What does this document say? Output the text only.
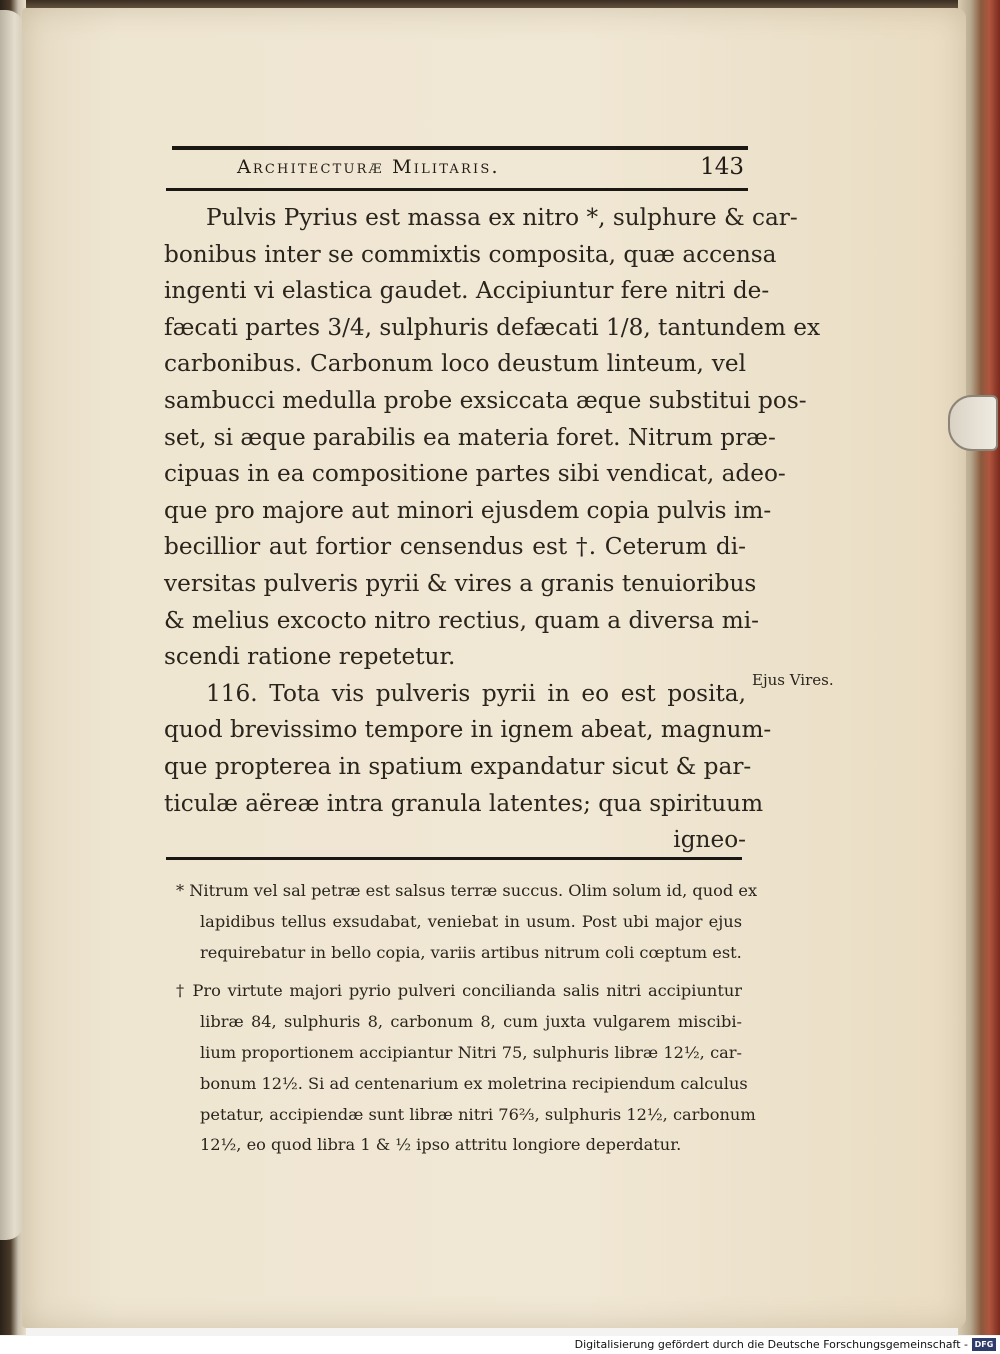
Architecturæ Militaris.	143
Pulvis Pyrius est massa ex nitro *, sulphure & car-
bonibus inter se commixtis composita, quæ accensa
ingenti vi elastica gaudet. Accipiuntur fere nitri de-
fæcati partes 3/4, sulphuris defæcati 1/8, tantundem ex
carbonibus. Carbonum loco deustum linteum, vel
sambucci medulla probe exsiccata æque substitui pos-
set, si æque parabilis ea materia foret. Nitrum præ-
cipuas in ea compositione partes sibi vendicat, adeo-
que pro majore aut minori ejusdem copia pulvis im-
becillior aut fortior censendus est †. Ceterum di-
versitas pulveris pyrii & vires a granis tenuioribus
& melius excocto nitro rectius, quam a diversa mi-
scendi ratione repetetur.
116. Tota vis pulveris pyrii in eo est posita,
quod brevissimo tempore in ignem abeat, magnum-
que propterea in spatium expandatur sicut & par-
ticulæ aëreæ intra granula latentes; qua spirituum
igneo-
Ejus Vires.
* Nitrum vel sal petræ est salsus terræ succus. Olim solum id, quod ex
lapidibus tellus exsudabat, veniebat in usum. Post ubi major ejus
requirebatur in bello copia, variis artibus nitrum coli cœptum est.
† Pro virtute majori pyrio pulveri concilianda salis nitri accipiuntur
libræ 84, sulphuris 8, carbonum 8, cum juxta vulgarem miscibi-
lium proportionem accipiantur Nitri 75, sulphuris libræ 12½, car-
bonum 12½. Si ad centenarium ex moletrina recipiendum calculus
petatur, accipiendæ sunt libræ nitri 76⅔, sulphuris 12½, carbonum
12½, eo quod libra 1 & ½ ipso attritu longiore deperdatur.
Digitalisierung gefördert durch die Deutsche Forschungsgemeinschaft - DFG
